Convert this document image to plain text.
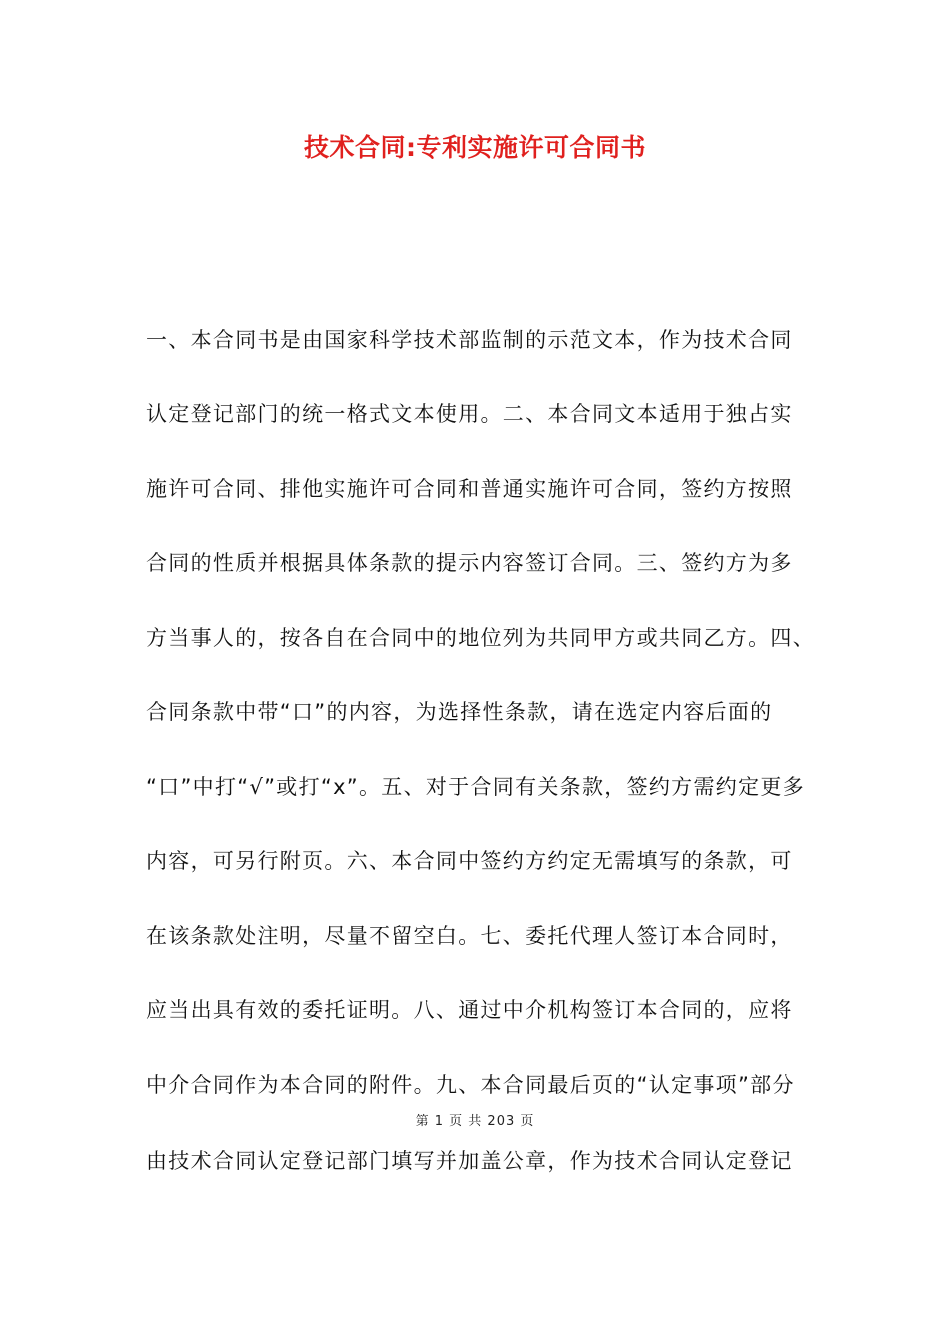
技术合同:专利实施许可合同书
一、本合同书是由国家科学技术部监制的示范文本，作为技术合同
认定登记部门的统一格式文本使用。二、本合同文本适用于独占实
施许可合同、排他实施许可合同和普通实施许可合同，签约方按照
合同的性质并根据具体条款的提示内容签订合同。三、签约方为多
方当事人的，按各自在合同中的地位列为共同甲方或共同乙方。四、
合同条款中带“口”的内容，为选择性条款，请在选定内容后面的
“口”中打“√”或打“x”。五、对于合同有关条款，签约方需约定更多
内容，可另行附页。六、本合同中签约方约定无需填写的条款，可
在该条款处注明，尽量不留空白。七、委托代理人签订本合同时，
应当出具有效的委托证明。八、通过中介机构签订本合同的，应将
中介合同作为本合同的附件。九、本合同最后页的“认定事项”部分
第 1 页 共 203 页
由技术合同认定登记部门填写并加盖公章，作为技术合同认定登记
